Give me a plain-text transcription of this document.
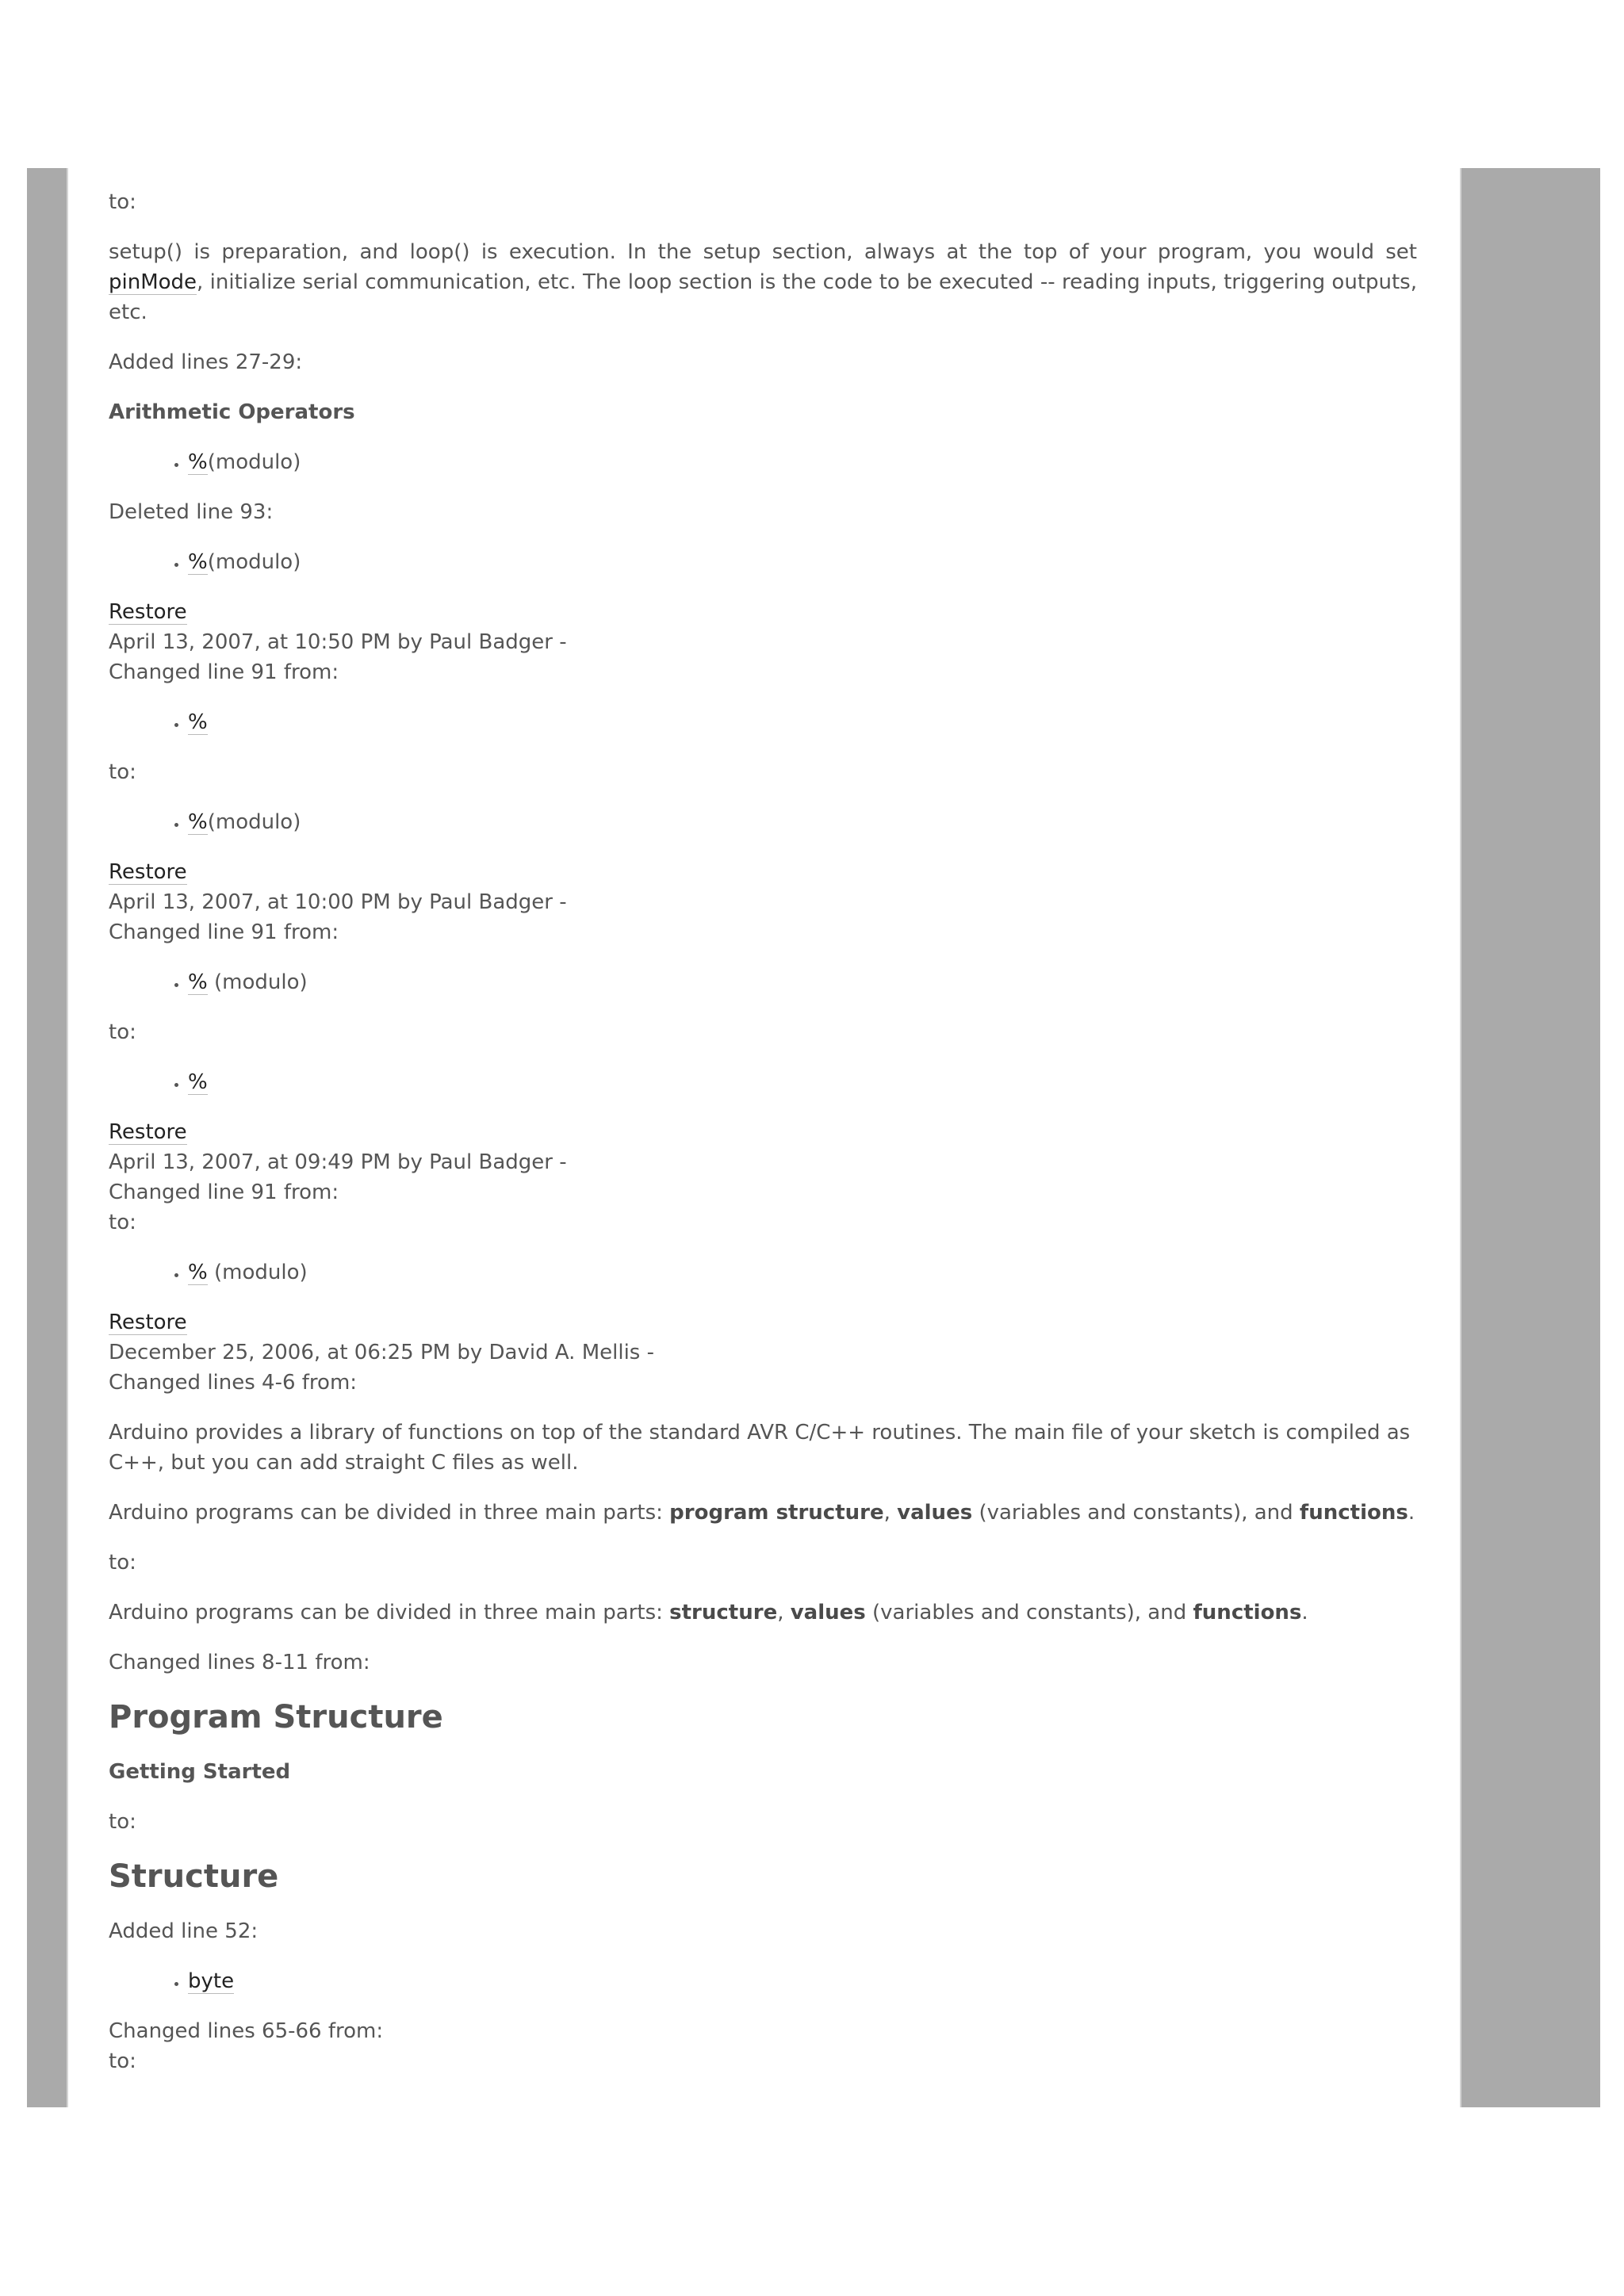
to:

setup() is preparation, and loop() is execution. In the setup section, always at the top of your program, you would set pinMode, initialize serial communication, etc. The loop section is the code to be executed -- reading inputs, triggering outputs, etc.

Added lines 27-29:

Arithmetic Operators
• %(modulo)

Deleted line 93:

• %(modulo)

Restore

April 13, 2007, at 10:50 PM by Paul Badger -

Changed line 91 from:

• %

to:

• %(modulo)

Restore

April 13, 2007, at 10:00 PM by Paul Badger -

Changed line 91 from:

• % (modulo)

to:

• %

Restore

April 13, 2007, at 09:49 PM by Paul Badger -

Changed line 91 from:

to:

• % (modulo)

Restore

December 25, 2006, at 06:25 PM by David A. Mellis -

Changed lines 4-6 from:

Arduino provides a library of functions on top of the standard AVR C/C++ routines. The main file of your sketch is compiled as C++, but you can add straight C files as well.

Arduino programs can be divided in three main parts: program structure, values (variables and constants), and functions.

to:

Arduino programs can be divided in three main parts: structure, values (variables and constants), and functions.

Changed lines 8-11 from:

Program Structure
Getting Started

to:

Structure

Added line 52:

• byte

Changed lines 65-66 from:

to:
